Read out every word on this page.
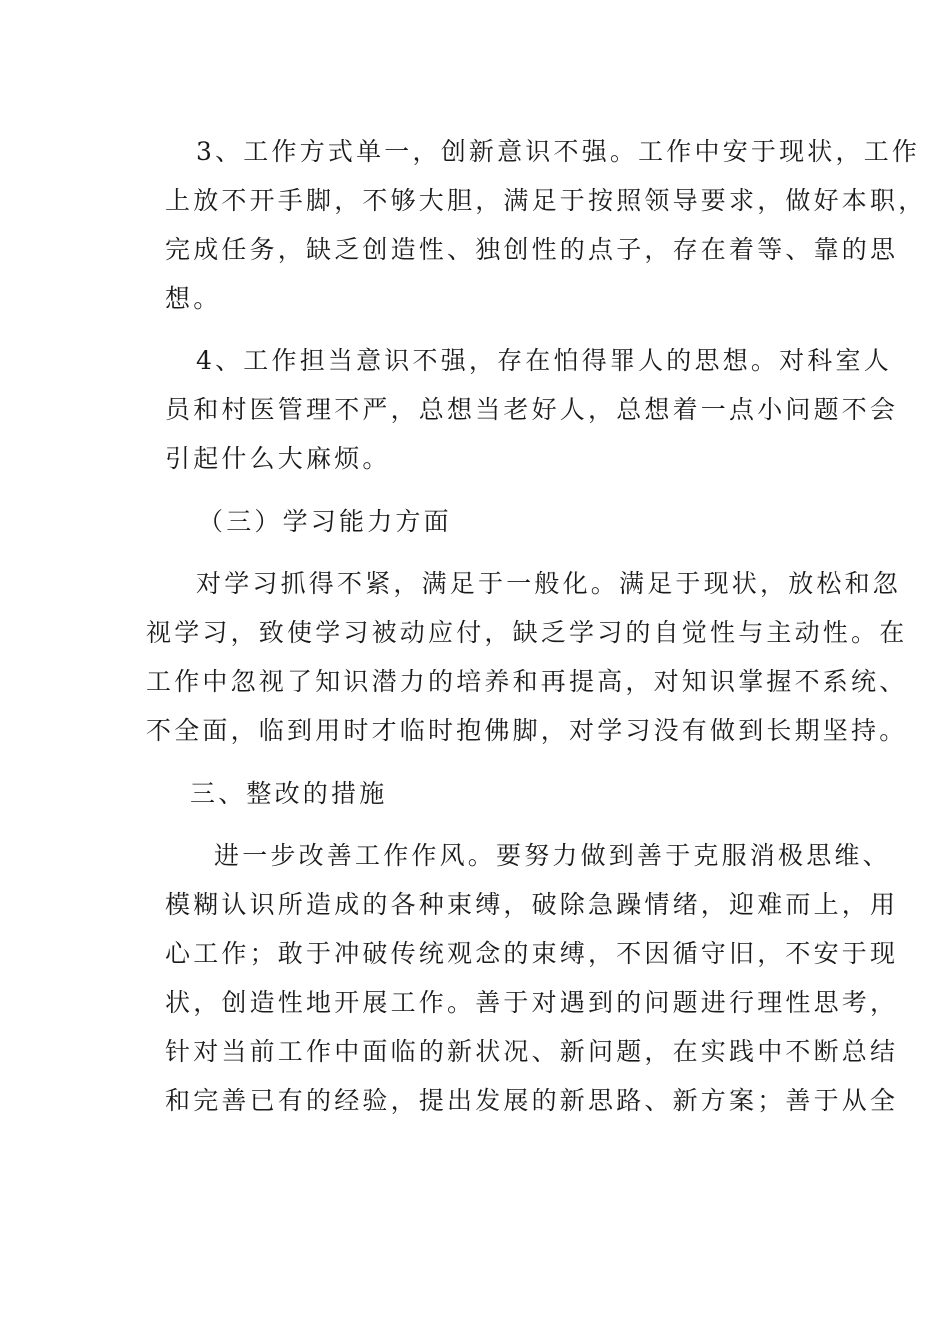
3、工作方式单一，创新意识不强。工作中安于现状，工作
上放不开手脚，不够大胆，满足于按照领导要求，做好本职，
完成任务，缺乏创造性、独创性的点子，存在着等、靠的思
想。
4、工作担当意识不强，存在怕得罪人的思想。对科室人
员和村医管理不严，总想当老好人，总想着一点小问题不会
引起什么大麻烦。
（三）学习能力方面
对学习抓得不紧，满足于一般化。满足于现状，放松和忽
视学习，致使学习被动应付，缺乏学习的自觉性与主动性。在
工作中忽视了知识潜力的培养和再提高，对知识掌握不系统、
不全面，临到用时才临时抱佛脚，对学习没有做到长期坚持。
三、整改的措施
进一步改善工作作风。要努力做到善于克服消极思维、
模糊认识所造成的各种束缚，破除急躁情绪，迎难而上，用
心工作；敢于冲破传统观念的束缚，不因循守旧，不安于现
状，创造性地开展工作。善于对遇到的问题进行理性思考，
针对当前工作中面临的新状况、新问题，在实践中不断总结
和完善已有的经验，提出发展的新思路、新方案；善于从全
